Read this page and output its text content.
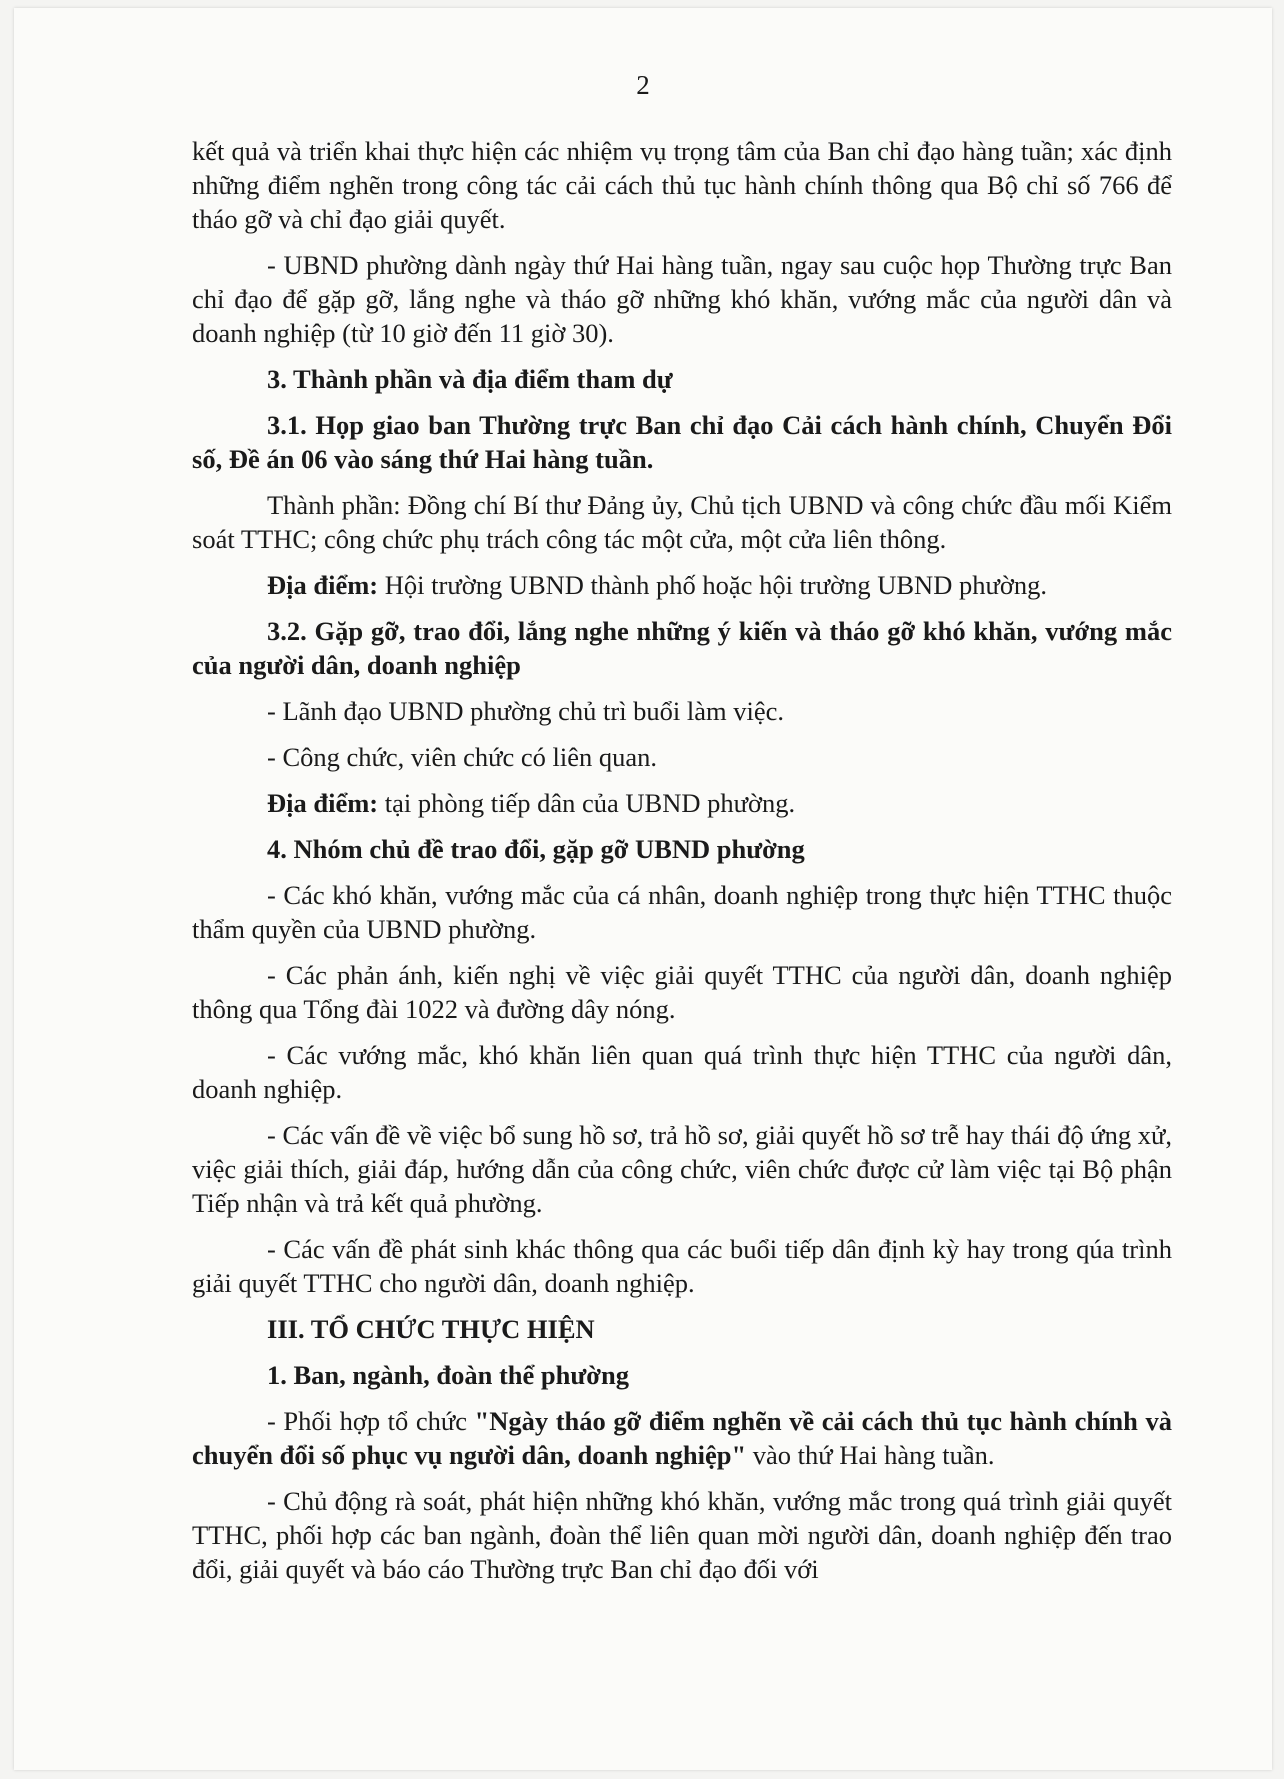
2

kết quả và triển khai thực hiện các nhiệm vụ trọng tâm của Ban chỉ đạo hàng tuần; xác định những điểm nghẽn trong công tác cải cách thủ tục hành chính thông qua Bộ chỉ số 766 để tháo gỡ và chỉ đạo giải quyết.

- UBND phường dành ngày thứ Hai hàng tuần, ngay sau cuộc họp Thường trực Ban chỉ đạo để gặp gỡ, lắng nghe và tháo gỡ những khó khăn, vướng mắc của người dân và doanh nghiệp (từ 10 giờ đến 11 giờ 30).

3. Thành phần và địa điểm tham dự

3.1. Họp giao ban Thường trực Ban chỉ đạo Cải cách hành chính, Chuyển Đổi số, Đề án 06 vào sáng thứ Hai hàng tuần.

Thành phần: Đồng chí Bí thư Đảng ủy, Chủ tịch UBND và công chức đầu mối Kiểm soát TTHC; công chức phụ trách công tác một cửa, một cửa liên thông.

Địa điểm: Hội trường UBND thành phố hoặc hội trường UBND phường.

3.2. Gặp gỡ, trao đổi, lắng nghe những ý kiến và tháo gỡ khó khăn, vướng mắc của người dân, doanh nghiệp

- Lãnh đạo UBND phường chủ trì buổi làm việc.

- Công chức, viên chức có liên quan.

Địa điểm: tại phòng tiếp dân của UBND phường.

4. Nhóm chủ đề trao đổi, gặp gỡ UBND phường

- Các khó khăn, vướng mắc của cá nhân, doanh nghiệp trong thực hiện TTHC thuộc thẩm quyền của UBND phường.

- Các phản ánh, kiến nghị về việc giải quyết TTHC của người dân, doanh nghiệp thông qua Tổng đài 1022 và đường dây nóng.

- Các vướng mắc, khó khăn liên quan quá trình thực hiện TTHC của người dân, doanh nghiệp.

- Các vấn đề về việc bổ sung hồ sơ, trả hồ sơ, giải quyết hồ sơ trễ hay thái độ ứng xử, việc giải thích, giải đáp, hướng dẫn của công chức, viên chức được cử làm việc tại Bộ phận Tiếp nhận và trả kết quả phường.

- Các vấn đề phát sinh khác thông qua các buổi tiếp dân định kỳ hay trong qúa trình giải quyết TTHC cho người dân, doanh nghiệp.

III. TỔ CHỨC THỰC HIỆN

1. Ban, ngành, đoàn thể phường

- Phối hợp tổ chức "Ngày tháo gỡ điểm nghẽn về cải cách thủ tục hành chính và chuyển đổi số phục vụ người dân, doanh nghiệp" vào thứ Hai hàng tuần.

- Chủ động rà soát, phát hiện những khó khăn, vướng mắc trong quá trình giải quyết TTHC, phối hợp các ban ngành, đoàn thể liên quan mời người dân, doanh nghiệp đến trao đổi, giải quyết và báo cáo Thường trực Ban chỉ đạo đối với
